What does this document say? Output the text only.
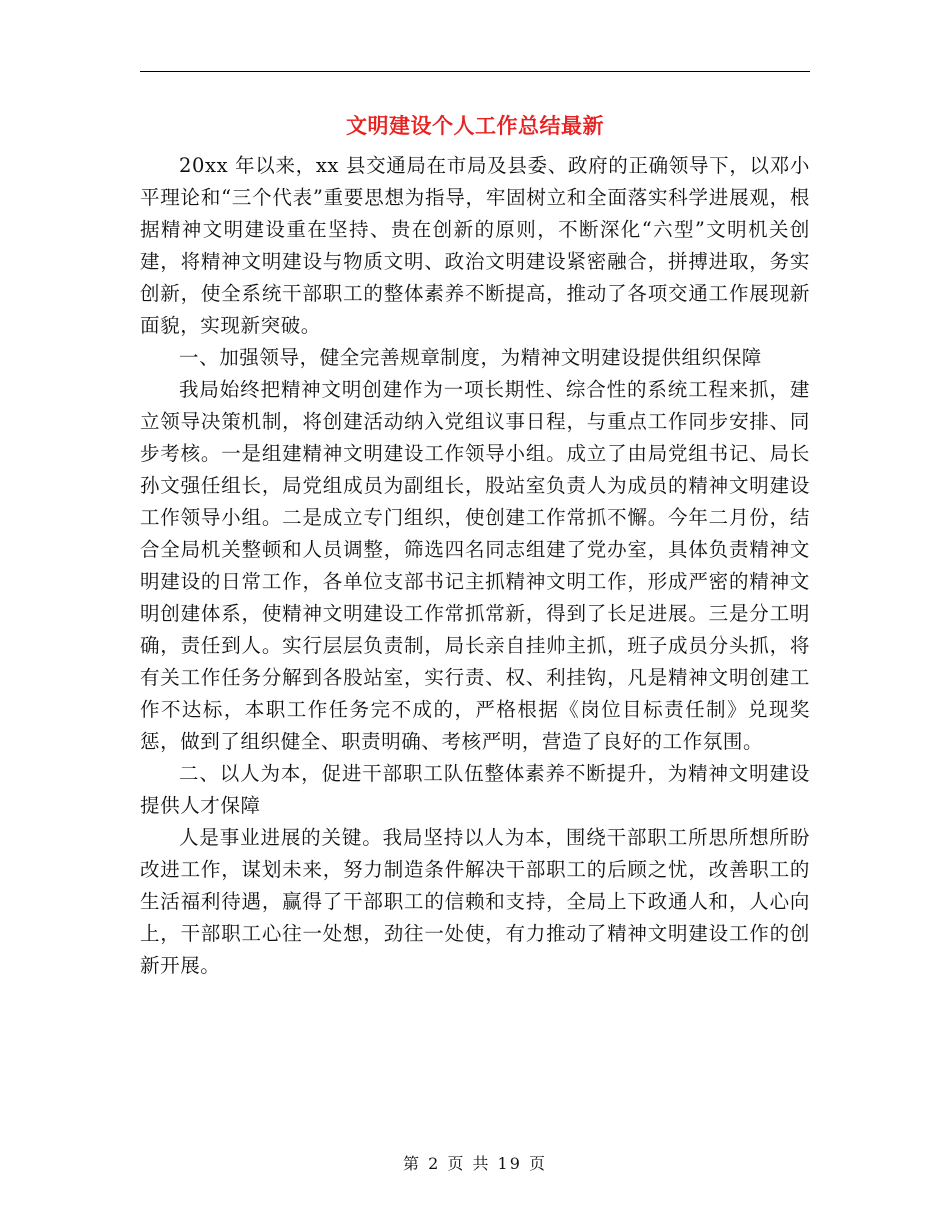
文明建设个人工作总结最新

20xx 年以来，xx 县交通局在市局及县委、政府的正确领导下，以邓小平理论和“三个代表”重要思想为指导，牢固树立和全面落实科学进展观，根据精神文明建设重在坚持、贵在创新的原则，不断深化“六型”文明机关创建，将精神文明建设与物质文明、政治文明建设紧密融合，拼搏进取，务实创新，使全系统干部职工的整体素养不断提高，推动了各项交通工作展现新面貌，实现新突破。

一、加强领导，健全完善规章制度，为精神文明建设提供组织保障

我局始终把精神文明创建作为一项长期性、综合性的系统工程来抓，建立领导决策机制，将创建活动纳入党组议事日程，与重点工作同步安排、同步考核。一是组建精神文明建设工作领导小组。成立了由局党组书记、局长孙文强任组长，局党组成员为副组长，股站室负责人为成员的精神文明建设工作领导小组。二是成立专门组织，使创建工作常抓不懈。今年二月份，结合全局机关整顿和人员调整，筛选四名同志组建了党办室，具体负责精神文明建设的日常工作，各单位支部书记主抓精神文明工作，形成严密的精神文明创建体系，使精神文明建设工作常抓常新，得到了长足进展。三是分工明确，责任到人。实行层层负责制，局长亲自挂帅主抓，班子成员分头抓，将有关工作任务分解到各股站室，实行责、权、利挂钩，凡是精神文明创建工作不达标，本职工作任务完不成的，严格根据《岗位目标责任制》兑现奖惩，做到了组织健全、职责明确、考核严明，营造了良好的工作氛围。

二、以人为本，促进干部职工队伍整体素养不断提升，为精神文明建设提供人才保障

人是事业进展的关键。我局坚持以人为本，围绕干部职工所思所想所盼改进工作，谋划未来，努力制造条件解决干部职工的后顾之忧，改善职工的生活福利待遇，赢得了干部职工的信赖和支持，全局上下政通人和，人心向上，干部职工心往一处想，劲往一处使，有力推动了精神文明建设工作的创新开展。

第 2 页 共 19 页
